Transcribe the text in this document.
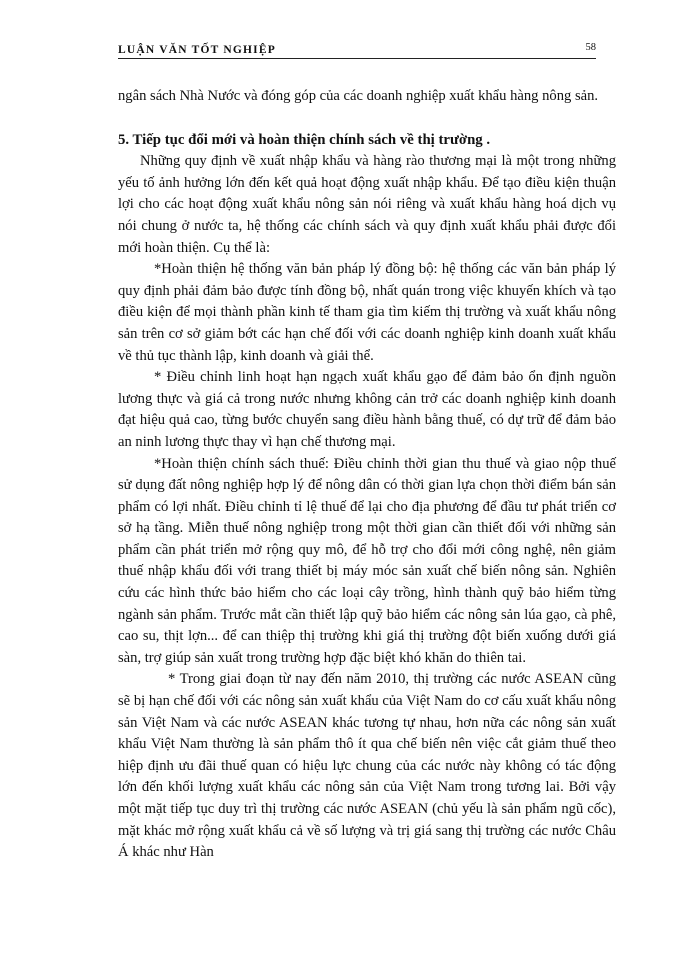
LUẬN VĂN TỐT NGHIỆP	58

ngân sách Nhà Nước và đóng góp của các doanh nghiệp xuất khẩu hàng nông sản.

5. Tiếp tục đổi mới và hoàn thiện chính sách về thị trường .

Những quy định về xuất nhập khẩu và hàng rào thương mại là một trong những yếu tố ảnh hưởng lớn đến kết quả hoạt động xuất nhập khẩu. Để tạo điều kiện thuận lợi cho các hoạt động xuất khẩu nông sản nói riêng và xuất khẩu hàng hoá dịch vụ nói chung ở nước ta, hệ thống các chính sách và quy định xuất khẩu phải được đổi mới hoàn thiện. Cụ thể là:

*Hoàn thiện hệ thống văn bản pháp lý đồng bộ: hệ thống các văn bản pháp lý quy định phải đảm bảo được tính đồng bộ, nhất quán trong việc khuyến khích và tạo điều kiện để mọi thành phần kinh tế tham gia tìm kiếm thị trường và xuất khẩu nông sản trên cơ sở giảm bớt các hạn chế đối với các doanh nghiệp kinh doanh xuất khẩu về thủ tục thành lập, kinh doanh và giải thể.

* Điều chỉnh linh hoạt hạn ngạch xuất khẩu gạo để đảm bảo ổn định nguồn lương thực và giá cả trong nước nhưng không cản trở các doanh nghiệp kinh doanh đạt hiệu quả cao, từng bước chuyển sang điều hành bằng thuế, có dự trữ để đảm bảo an ninh lương thực thay vì hạn chế thương mại.

*Hoàn thiện chính sách thuế: Điều chỉnh thời gian thu thuế và giao nộp thuế sử dụng đất nông nghiệp hợp lý để nông dân có thời gian lựa chọn thời điểm bán sản phẩm có lợi nhất. Điều chỉnh tỉ lệ thuế để lại cho địa phương để đầu tư phát triển cơ sở hạ tầng. Miễn thuế nông nghiệp trong một thời gian cần thiết đối với những sản phẩm cần phát triển mở rộng quy mô, để hỗ trợ cho đổi mới công nghệ, nên giảm thuế nhập khẩu đối với trang thiết bị máy móc sản xuất chế biến nông sản. Nghiên cứu các hình thức bảo hiểm cho các loại cây trồng, hình thành quỹ bảo hiểm từng ngành sản phẩm. Trước mắt cần thiết lập quỹ bảo hiểm các nông sản lúa gạo, cà phê, cao su, thịt lợn... để can thiệp thị trường khi giá thị trường đột biến xuống dưới giá sàn, trợ giúp sản xuất trong trường hợp đặc biệt khó khăn do thiên tai.

* Trong giai đoạn từ nay đến năm 2010, thị trường các nước ASEAN cũng sẽ bị hạn chế đối với các nông sản xuất khẩu của Việt Nam do cơ cấu xuất khẩu nông sản Việt Nam và các nước ASEAN khác tương tự nhau, hơn nữa các nông sản xuất khẩu Việt Nam thường là sản phẩm thô ít qua chế biến nên việc cắt giảm thuế theo hiệp định ưu đãi thuế quan có hiệu lực chung của các nước này không có tác động lớn đến khối lượng xuất khẩu các nông sản của Việt Nam trong tương lai. Bởi vậy một mặt tiếp tục duy trì thị trường các nước ASEAN (chủ yếu là sản phẩm ngũ cốc), mặt khác mở rộng xuất khẩu cả về số lượng và trị giá sang thị trường các nước Châu Á khác như Hàn
